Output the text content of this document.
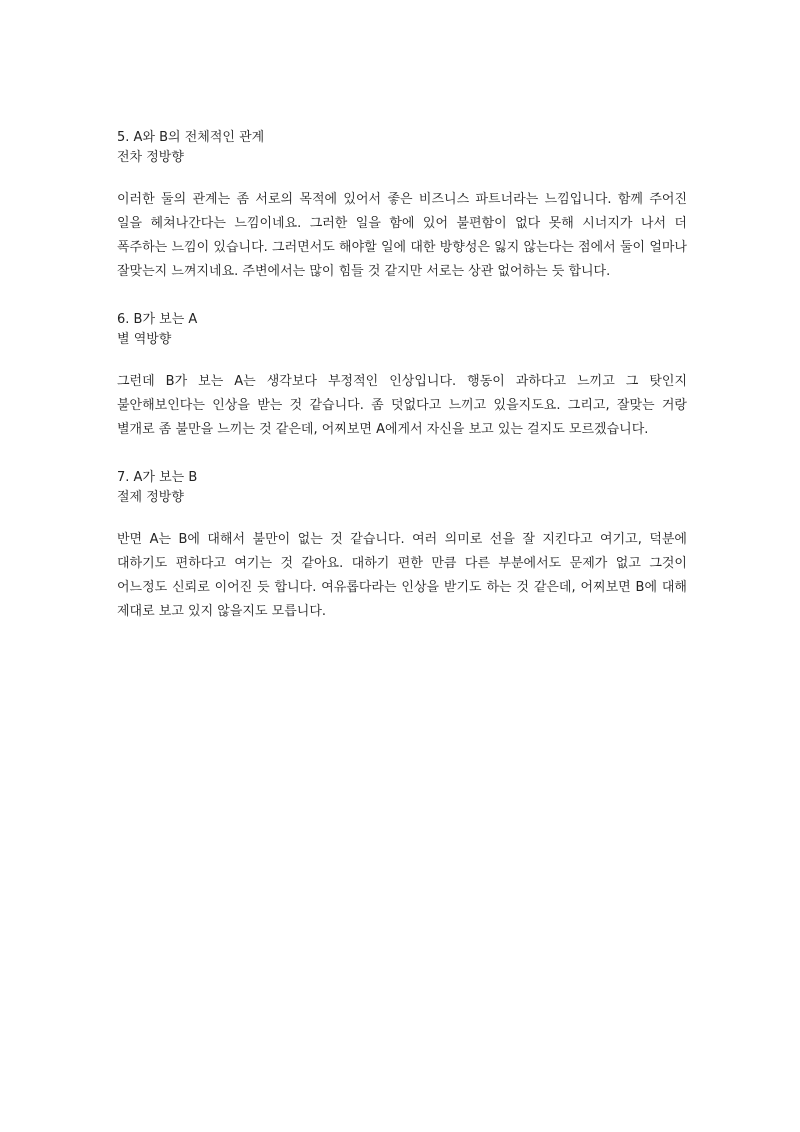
5. A와 B의 전체적인 관계

전차 정방향

이러한 둘의 관계는 좀 서로의 목적에 있어서 좋은 비즈니스 파트너라는 느낌입니다. 함께 주어진 일을 헤쳐나간다는 느낌이네요. 그러한 일을 함에 있어 불편함이 없다 못해 시너지가 나서 더 폭주하는 느낌이 있습니다. 그러면서도 해야할 일에 대한 방향성은 잃지 않는다는 점에서 둘이 얼마나 잘맞는지 느껴지네요. 주변에서는 많이 힘들 것 같지만 서로는 상관 없어하는 듯 합니다.

6. B가 보는 A

별 역방향

그런데 B가 보는 A는 생각보다 부정적인 인상입니다. 행동이 과하다고 느끼고 그 탓인지 불안해보인다는 인상을 받는 것 같습니다. 좀 덧없다고 느끼고 있을지도요. 그리고, 잘맞는 거랑 별개로 좀 불만을 느끼는 것 같은데, 어찌보면 A에게서 자신을 보고 있는 걸지도 모르겠습니다.

7. A가 보는 B

절제 정방향

반면 A는 B에 대해서 불만이 없는 것 같습니다. 여러 의미로 선을 잘 지킨다고 여기고, 덕분에 대하기도 편하다고 여기는 것 같아요. 대하기 편한 만큼 다른 부분에서도 문제가 없고 그것이 어느정도 신뢰로 이어진 듯 합니다. 여유롭다라는 인상을 받기도 하는 것 같은데, 어찌보면 B에 대해 제대로 보고 있지 않을지도 모릅니다.
